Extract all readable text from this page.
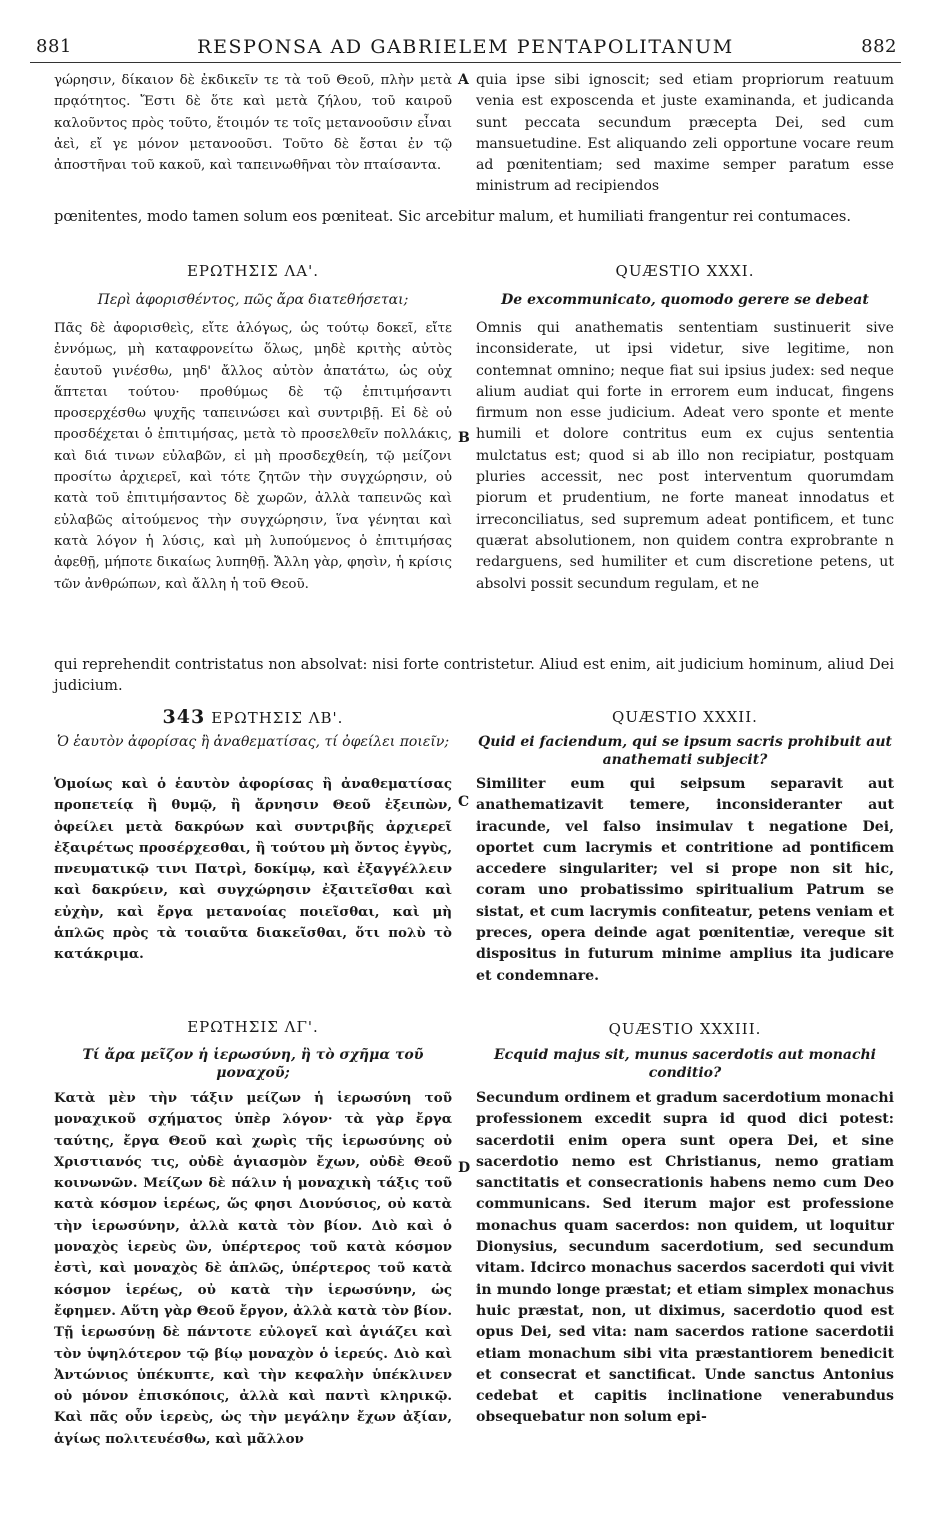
881	RESPONSA AD GABRIELEM PENTAPOLITANUM	882

γώρησιν, δίκαιον δὲ ἐκδικεῖν τε τὰ τοῦ Θεοῦ, πλὴν μετὰ πρᾳότητος. Ἔστι δὲ ὅτε καὶ μετὰ ζήλου, τοῦ καιροῦ καλοῦντος πρὸς τοῦτο, ἕτοιμόν τε τοῖς μετανοοῦσιν εἶναι ἀεὶ, εἴ γε μόνον μετανοοῦσι. Τοῦτο δὲ ἔσται ἐν τῷ ἀποστῆναι τοῦ κακοῦ, καὶ ταπεινωθῆναι τὸν πταίσαντα.

A quia ipse sibi ignoscit; sed etiam propriorum reatuum venia est exposcenda et juste examinanda, et judicanda sunt peccata secundum præcepta Dei, sed cum mansuetudine. Est aliquando zeli opportune vocare reum ad pœnitentiam; sed maxime semper paratum esse ministrum ad recipiendos

pœnitentes, modo tamen solum eos pœniteat. Sic arcebitur malum, et humiliati frangentur rei contumaces.
ΕΡΩΤΗΣΙΣ ΛΑ'.	QUÆSTIO XXXI.
Περὶ ἀφορισθέντος, πῶς ἄρα διατεθήσεται;	De excommunicato, quomodo gerere se debeat

Πᾶς δὲ ἀφορισθεὶς, εἴτε ἀλόγως, ὡς τούτῳ δοκεῖ, εἴτε ἐννόμως, μὴ καταφρονείτω ὅλως, μηδὲ κριτὴς αὐτὸς ἑαυτοῦ γινέσθω, μηδ' ἄλλος αὐτὸν ἀπατάτω, ὡς οὐχ ἅπτεται τούτου· προθύμως δὲ τῷ ἐπιτιμήσαντι προσερχέσθω ψυχῆς ταπεινώσει καὶ συντριβῇ. Εἰ δὲ οὐ προσδέχεται ὁ ἐπιτιμήσας, μετὰ τὸ προσελθεῖν πολλάκις, καὶ διά τινων εὐλαβῶν, εἰ μὴ προσδεχθείη, τῷ μείζονι προσίτω ἀρχιερεῖ, καὶ τότε ζητῶν τὴν συγχώρησιν, οὐ κατὰ τοῦ ἐπιτιμήσαντος δὲ χωρῶν, ἀλλὰ ταπεινῶς καὶ εὐλαβῶς αἰτούμενος τὴν συγχώρησιν, ἵνα γένηται καὶ κατὰ λόγον ἡ λύσις, καὶ μὴ λυπούμενος ὁ ἐπιτιμήσας ἀφεθῇ, μήποτε δικαίως λυπηθῇ. Ἄλλη γὰρ, φησὶν, ἡ κρίσις τῶν ἀνθρώπων, καὶ ἄλλη ἡ τοῦ Θεοῦ.

B

Omnis qui anathematis sententiam sustinuerit sive inconsiderate, ut ipsi videtur, sive legitime, non contemnat omnino; neque fiat sui ipsius judex: sed neque alium audiat qui forte in errorem eum inducat, fingens firmum non esse judicium. Adeat vero sponte et mente humili et dolore contritus eum ex cujus sententia mulctatus est; quod si ab illo non recipiatur, postquam pluries accessit, nec post interventum quorumdam piorum et prudentium, ne forte maneat innodatus et irreconciliatus, sed supremum adeat pontificem, et tunc quærat absolutionem, non quidem contra exprobrante n redarguens, sed humiliter et cum discretione petens, ut absolvi possit secundum regulam, et ne

qui reprehendit contristatus non absolvat: nisi forte contristetur. Aliud est enim, ait judicium hominum, aliud Dei judicium.
343 ΕΡΩΤΗΣΙΣ ΛΒ'.	QUÆSTIO XXXII.
Ὁ ἑαυτὸν ἀφορίσας ἢ ἀναθεματίσας, τί ὀφείλει ποιεῖν; Quid ei faciendum, qui se ipsum sacris prohibuit aut anathemati subjecit?

Ὁμοίως καὶ ὁ ἑαυτὸν ἀφορίσας ἢ ἀναθεματίσας προπετείᾳ ἢ θυμῷ, ἢ ἄρνησιν Θεοῦ ἐξειπὼν, ὀφείλει μετὰ δακρύων καὶ συντριβῆς ἀρχιερεῖ ἐξαιρέτως προσέρχεσθαι, ἢ τούτου μὴ ὄντος ἐγγὺς, πνευματικῷ τινι Πατρὶ, δοκίμῳ, καὶ ἐξαγγέλλειν καὶ δακρύειν, καὶ συγχώρησιν ἐξαιτεῖσθαι καὶ εὐχὴν, καὶ ἔργα μετανοίας ποιεῖσθαι, καὶ μὴ ἁπλῶς πρὸς τὰ τοιαῦτα διακεῖσθαι, ὅτι πολὺ τὸ κατάκριμα.

C

Similiter eum qui seipsum separavit aut anathematizavit temere, inconsideranter aut iracunde, vel falso insimulav t negatione Dei, oportet cum lacrymis et contritione ad pontificem accedere singulariter; vel si prope non sit hic, coram uno probatissimo spiritualium Patrum se sistat, et cum lacrymis confiteatur, petens veniam et preces, opera deinde agat pœnitentiæ, vereque sit dispositus in futurum minime amplius ita judicare et condemnare.

ΕΡΩΤΗΣΙΣ ΛΓ'.	QUÆSTIO XXXIII.
Τί ἄρα μεῖζον ἡ ἱερωσύνη, ἢ τὸ σχῆμα τοῦ μοναχοῦ;
Ecquid majus sit, munus sacerdotis aut monachi conditio?

Κατὰ μὲν τὴν τάξιν μείζων ἡ ἱερωσύνη τοῦ μοναχικοῦ σχήματος ὑπὲρ λόγον· τὰ γὰρ ἔργα ταύτης, ἔργα Θεοῦ καὶ χωρὶς τῆς ἱερωσύνης οὐ Χριστιανός τις, οὐδὲ ἁγιασμὸν ἔχων, οὐδὲ Θεοῦ κοινωνῶν. Μείζων δὲ πάλιν ἡ μοναχικὴ τάξις τοῦ κατὰ κόσμον ἱερέως, ὥς φησι Διονύσιος, οὐ κατὰ τὴν ἱερωσύνην, ἀλλὰ κατὰ τὸν βίον. Διὸ καὶ ὁ μοναχὸς ἱερεὺς ὢν, ὑπέρτερος τοῦ κατὰ κόσμον ἐστὶ, καὶ μοναχὸς δὲ ἁπλῶς, ὑπέρτερος τοῦ κατὰ κόσμον ἱερέως, οὐ κατὰ τὴν ἱερωσύνην, ὡς ἔφημεν. Αὕτη γὰρ Θεοῦ ἔργον, ἀλλὰ κατὰ τὸν βίον. Τῇ ἱερωσύνῃ δὲ πάντοτε εὐλογεῖ καὶ ἁγιάζει καὶ τὸν ὑψηλότερον τῷ βίῳ μοναχὸν ὁ ἱερεύς. Διὸ καὶ Ἀντώνιος ὑπέκυπτε, καὶ τὴν κεφαλὴν ὑπέκλινεν οὐ μόνον ἐπισκόποις, ἀλλὰ καὶ παντὶ κληρικῷ. Καὶ πᾶς οὖν ἱερεὺς, ὡς τὴν μεγάλην ἔχων ἀξίαν, ἁγίως πολιτευέσθω, καὶ μᾶλλον

D

Secundum ordinem et gradum sacerdotium monachi professionem excedit supra id quod dici potest: sacerdotii enim opera sunt opera Dei, et sine sacerdotio nemo est Christianus, nemo gratiam sanctitatis et consecrationis habens nemo cum Deo communicans. Sed iterum major est professione monachus quam sacerdos: non quidem, ut loquitur Dionysius, secundum sacerdotium, sed secundum vitam. Idcirco monachus sacerdos sacerdoti qui vivit in mundo longe præstat; et etiam simplex monachus huic præstat, non, ut diximus, sacerdotio quod est opus Dei, sed vita: nam sacerdos ratione sacerdotii etiam monachum sibi vita præstantiorem benedicit et consecrat et sanctificat. Unde sanctus Antonius cedebat et capitis inclinatione venerabundus obsequebatur non solum epi-
